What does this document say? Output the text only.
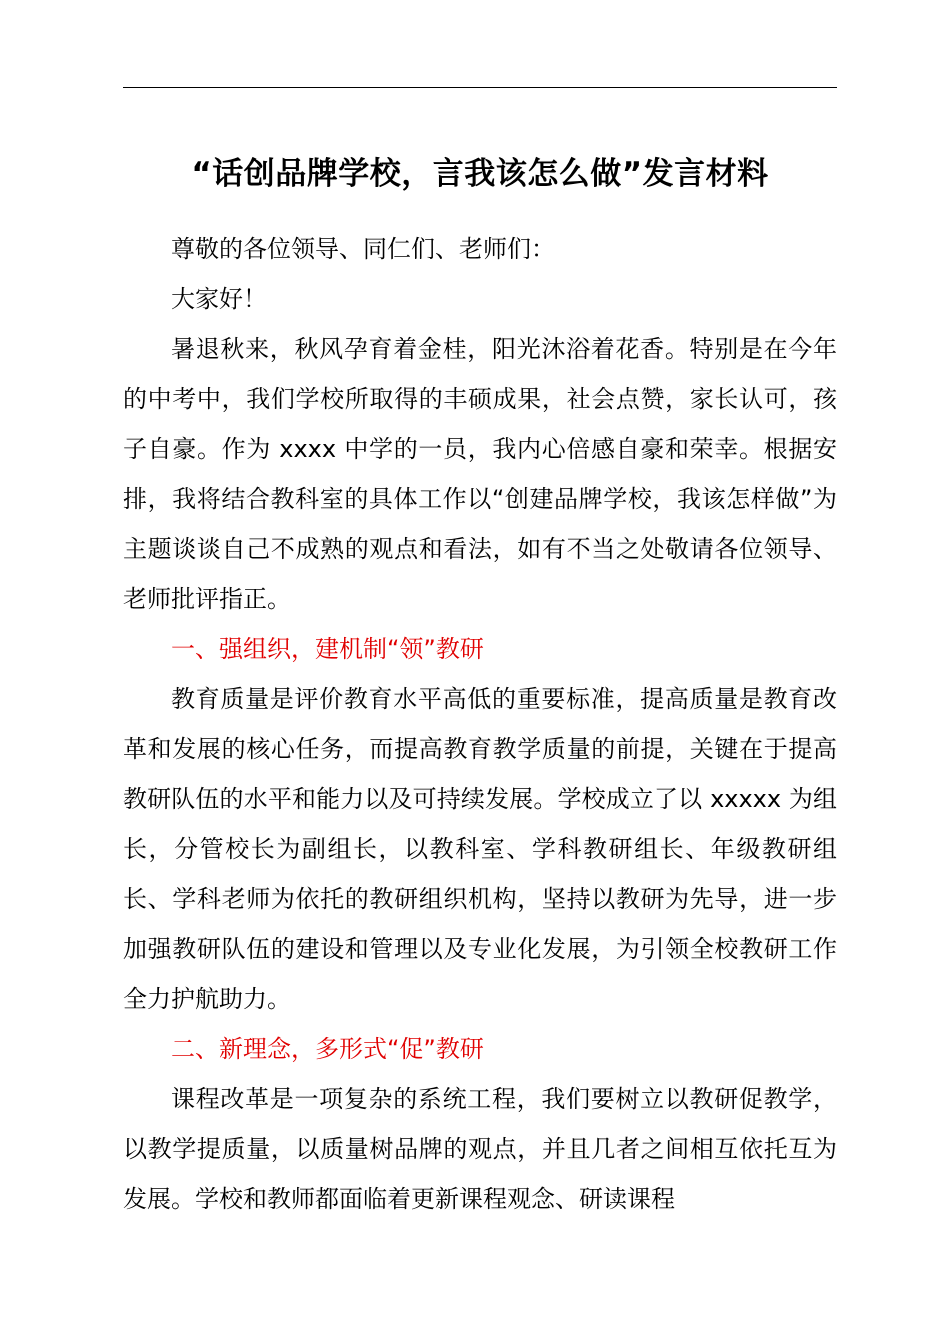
“话创品牌学校，言我该怎么做”发言材料

尊敬的各位领导、同仁们、老师们：

大家好！

暑退秋来，秋风孕育着金桂，阳光沐浴着花香。特别是在今年的中考中，我们学校所取得的丰硕成果，社会点赞，家长认可，孩子自豪。作为 xxxx 中学的一员，我内心倍感自豪和荣幸。根据安排，我将结合教科室的具体工作以“创建品牌学校，我该怎样做”为主题谈谈自己不成熟的观点和看法，如有不当之处敬请各位领导、老师批评指正。

一、强组织，建机制“领”教研

教育质量是评价教育水平高低的重要标准，提高质量是教育改革和发展的核心任务，而提高教育教学质量的前提，关键在于提高教研队伍的水平和能力以及可持续发展。学校成立了以 xxxxx 为组长，分管校长为副组长，以教科室、学科教研组长、年级教研组长、学科老师为依托的教研组织机构，坚持以教研为先导，进一步加强教研队伍的建设和管理以及专业化发展，为引领全校教研工作全力护航助力。

二、新理念，多形式“促”教研

课程改革是一项复杂的系统工程，我们要树立以教研促教学，以教学提质量，以质量树品牌的观点，并且几者之间相互依托互为发展。学校和教师都面临着更新课程观念、研读课程
